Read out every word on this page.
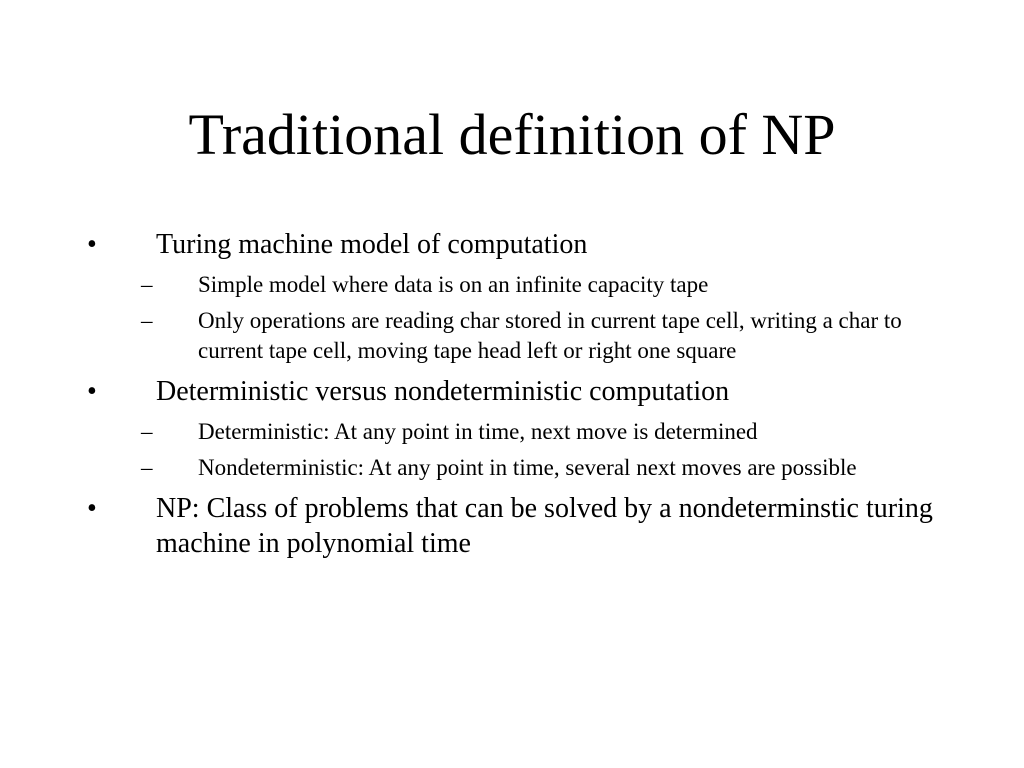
Traditional definition of NP
•	Turing machine model of computation
–	Simple model where data is on an infinite capacity tape
–	Only operations are reading char stored in current tape cell, writing a char to current tape cell, moving tape head left or right one square
•	Deterministic versus nondeterministic computation
–	Deterministic: At any point in time, next move is determined
–	Nondeterministic: At any point in time, several next moves are possible
•	NP: Class of problems that can be solved by a nondeterminstic turing machine in polynomial time
